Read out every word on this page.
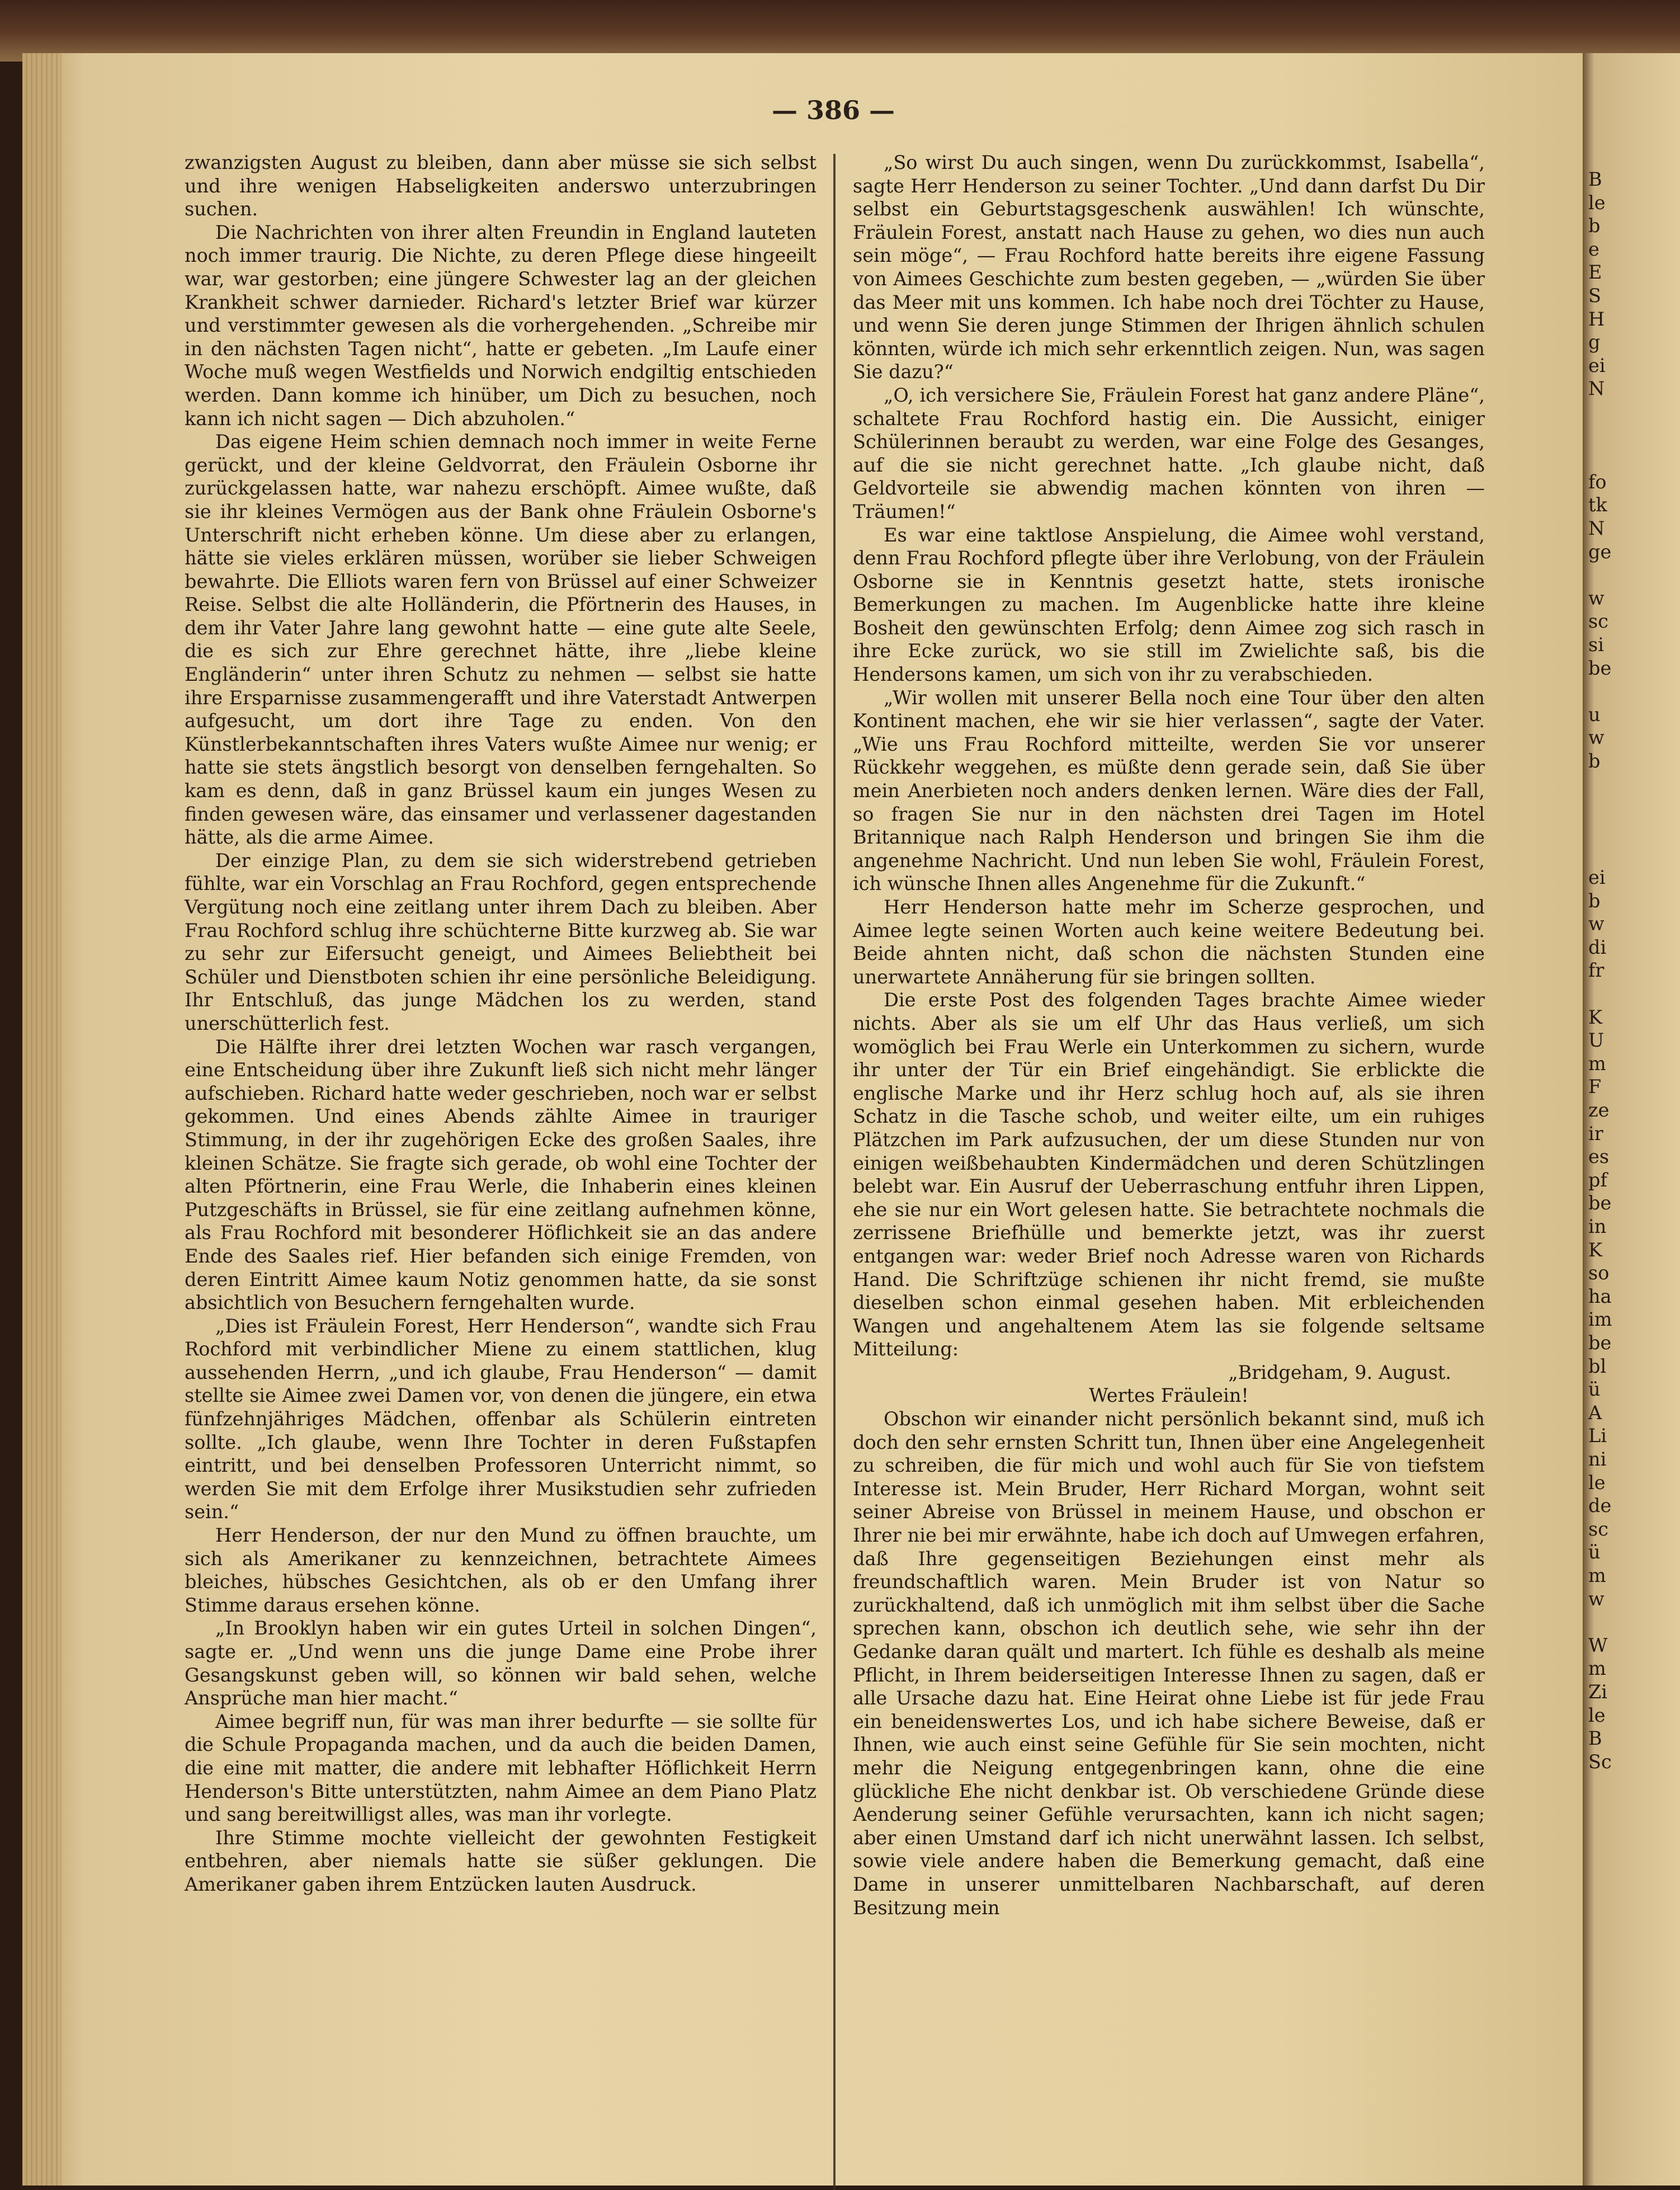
— 386 —

zwanzigsten August zu bleiben, dann aber müsse sie sich selbst und ihre wenigen Habseligkeiten anderswo unterzubringen suchen.

Die Nachrichten von ihrer alten Freundin in England lauteten noch immer traurig. Die Nichte, zu deren Pflege diese hingeeilt war, war gestorben; eine jüngere Schwester lag an der gleichen Krankheit schwer darnieder. Richard's letzter Brief war kürzer und verstimmter gewesen als die vorhergehenden. „Schreibe mir in den nächsten Tagen nicht“, hatte er gebeten. „Im Laufe einer Woche muß wegen Westfields und Norwich endgiltig entschieden werden. Dann komme ich hinüber, um Dich zu besuchen, noch kann ich nicht sagen — Dich abzuholen.“

Das eigene Heim schien demnach noch immer in weite Ferne gerückt, und der kleine Geldvorrat, den Fräulein Osborne ihr zurückgelassen hatte, war nahezu erschöpft. Aimee wußte, daß sie ihr kleines Vermögen aus der Bank ohne Fräulein Osborne's Unterschrift nicht erheben könne. Um diese aber zu erlangen, hätte sie vieles erklären müssen, worüber sie lieber Schweigen bewahrte. Die Elliots waren fern von Brüssel auf einer Schweizer Reise. Selbst die alte Holländerin, die Pförtnerin des Hauses, in dem ihr Vater Jahre lang gewohnt hatte — eine gute alte Seele, die es sich zur Ehre gerechnet hätte, ihre „liebe kleine Engländerin“ unter ihren Schutz zu nehmen — selbst sie hatte ihre Ersparnisse zusammengerafft und ihre Vaterstadt Antwerpen aufgesucht, um dort ihre Tage zu enden. Von den Künstlerbekanntschaften ihres Vaters wußte Aimee nur wenig; er hatte sie stets ängstlich besorgt von denselben ferngehalten. So kam es denn, daß in ganz Brüssel kaum ein junges Wesen zu finden gewesen wäre, das einsamer und verlassener dagestanden hätte, als die arme Aimee.

Der einzige Plan, zu dem sie sich widerstrebend getrieben fühlte, war ein Vorschlag an Frau Rochford, gegen entsprechende Vergütung noch eine zeitlang unter ihrem Dach zu bleiben. Aber Frau Rochford schlug ihre schüchterne Bitte kurzweg ab. Sie war zu sehr zur Eifersucht geneigt, und Aimees Beliebtheit bei Schüler und Dienstboten schien ihr eine persönliche Beleidigung. Ihr Entschluß, das junge Mädchen los zu werden, stand unerschütterlich fest.

Die Hälfte ihrer drei letzten Wochen war rasch vergangen, eine Entscheidung über ihre Zukunft ließ sich nicht mehr länger aufschieben. Richard hatte weder geschrieben, noch war er selbst gekommen. Und eines Abends zählte Aimee in trauriger Stimmung, in der ihr zugehörigen Ecke des großen Saales, ihre kleinen Schätze. Sie fragte sich gerade, ob wohl eine Tochter der alten Pförtnerin, eine Frau Werle, die Inhaberin eines kleinen Putzgeschäfts in Brüssel, sie für eine zeitlang aufnehmen könne, als Frau Rochford mit besonderer Höflichkeit sie an das andere Ende des Saales rief. Hier befanden sich einige Fremden, von deren Eintritt Aimee kaum Notiz genommen hatte, da sie sonst absichtlich von Besuchern ferngehalten wurde.

„Dies ist Fräulein Forest, Herr Henderson“, wandte sich Frau Rochford mit verbindlicher Miene zu einem stattlichen, klug aussehenden Herrn, „und ich glaube, Frau Henderson“ — damit stellte sie Aimee zwei Damen vor, von denen die jüngere, ein etwa fünfzehnjähriges Mädchen, offenbar als Schülerin eintreten sollte. „Ich glaube, wenn Ihre Tochter in deren Fußstapfen eintritt, und bei denselben Professoren Unterricht nimmt, so werden Sie mit dem Erfolge ihrer Musikstudien sehr zufrieden sein.“

Herr Henderson, der nur den Mund zu öffnen brauchte, um sich als Amerikaner zu kennzeichnen, betrachtete Aimees bleiches, hübsches Gesichtchen, als ob er den Umfang ihrer Stimme daraus ersehen könne.

„In Brooklyn haben wir ein gutes Urteil in solchen Dingen“, sagte er. „Und wenn uns die junge Dame eine Probe ihrer Gesangskunst geben will, so können wir bald sehen, welche Ansprüche man hier macht.“

Aimee begriff nun, für was man ihrer bedurfte — sie sollte für die Schule Propaganda machen, und da auch die beiden Damen, die eine mit matter, die andere mit lebhafter Höflichkeit Herrn Henderson's Bitte unterstützten, nahm Aimee an dem Piano Platz und sang bereitwilligst alles, was man ihr vorlegte.

Ihre Stimme mochte vielleicht der gewohnten Festigkeit entbehren, aber niemals hatte sie süßer geklungen. Die Amerikaner gaben ihrem Entzücken lauten Ausdruck.

„So wirst Du auch singen, wenn Du zurückkommst, Isabella“, sagte Herr Henderson zu seiner Tochter. „Und dann darfst Du Dir selbst ein Geburtstagsgeschenk auswählen! Ich wünschte, Fräulein Forest, anstatt nach Hause zu gehen, wo dies nun auch sein möge“, — Frau Rochford hatte bereits ihre eigene Fassung von Aimees Geschichte zum besten gegeben, — „würden Sie über das Meer mit uns kommen. Ich habe noch drei Töchter zu Hause, und wenn Sie deren junge Stimmen der Ihrigen ähnlich schulen könnten, würde ich mich sehr erkenntlich zeigen. Nun, was sagen Sie dazu?“

„O, ich versichere Sie, Fräulein Forest hat ganz andere Pläne“, schaltete Frau Rochford hastig ein. Die Aussicht, einiger Schülerinnen beraubt zu werden, war eine Folge des Gesanges, auf die sie nicht gerechnet hatte. „Ich glaube nicht, daß Geldvorteile sie abwendig machen könnten von ihren — Träumen!“

Es war eine taktlose Anspielung, die Aimee wohl verstand, denn Frau Rochford pflegte über ihre Verlobung, von der Fräulein Osborne sie in Kenntnis gesetzt hatte, stets ironische Bemerkungen zu machen. Im Augenblicke hatte ihre kleine Bosheit den gewünschten Erfolg; denn Aimee zog sich rasch in ihre Ecke zurück, wo sie still im Zwielichte saß, bis die Hendersons kamen, um sich von ihr zu verabschieden.

„Wir wollen mit unserer Bella noch eine Tour über den alten Kontinent machen, ehe wir sie hier verlassen“, sagte der Vater. „Wie uns Frau Rochford mitteilte, werden Sie vor unserer Rückkehr weggehen, es müßte denn gerade sein, daß Sie über mein Anerbieten noch anders denken lernen. Wäre dies der Fall, so fragen Sie nur in den nächsten drei Tagen im Hotel Britannique nach Ralph Henderson und bringen Sie ihm die angenehme Nachricht. Und nun leben Sie wohl, Fräulein Forest, ich wünsche Ihnen alles Angenehme für die Zukunft.“

Herr Henderson hatte mehr im Scherze gesprochen, und Aimee legte seinen Worten auch keine weitere Bedeutung bei. Beide ahnten nicht, daß schon die nächsten Stunden eine unerwartete Annäherung für sie bringen sollten.

Die erste Post des folgenden Tages brachte Aimee wieder nichts. Aber als sie um elf Uhr das Haus verließ, um sich womöglich bei Frau Werle ein Unterkommen zu sichern, wurde ihr unter der Tür ein Brief eingehändigt. Sie erblickte die englische Marke und ihr Herz schlug hoch auf, als sie ihren Schatz in die Tasche schob, und weiter eilte, um ein ruhiges Plätzchen im Park aufzusuchen, der um diese Stunden nur von einigen weißbehaubten Kindermädchen und deren Schützlingen belebt war. Ein Ausruf der Ueberraschung entfuhr ihren Lippen, ehe sie nur ein Wort gelesen hatte. Sie betrachtete nochmals die zerrissene Briefhülle und bemerkte jetzt, was ihr zuerst entgangen war: weder Brief noch Adresse waren von Richards Hand. Die Schriftzüge schienen ihr nicht fremd, sie mußte dieselben schon einmal gesehen haben. Mit erbleichenden Wangen und angehaltenem Atem las sie folgende seltsame Mitteilung:

„Bridgeham, 9. August.

Wertes Fräulein!

Obschon wir einander nicht persönlich bekannt sind, muß ich doch den sehr ernsten Schritt tun, Ihnen über eine Angelegenheit zu schreiben, die für mich und wohl auch für Sie von tiefstem Interesse ist. Mein Bruder, Herr Richard Morgan, wohnt seit seiner Abreise von Brüssel in meinem Hause, und obschon er Ihrer nie bei mir erwähnte, habe ich doch auf Umwegen erfahren, daß Ihre gegenseitigen Beziehungen einst mehr als freundschaftlich waren. Mein Bruder ist von Natur so zurückhaltend, daß ich unmöglich mit ihm selbst über die Sache sprechen kann, obschon ich deutlich sehe, wie sehr ihn der Gedanke daran quält und martert. Ich fühle es deshalb als meine Pflicht, in Ihrem beiderseitigen Interesse Ihnen zu sagen, daß er alle Ursache dazu hat. Eine Heirat ohne Liebe ist für jede Frau ein beneidenswertes Los, und ich habe sichere Beweise, daß er Ihnen, wie auch einst seine Gefühle für Sie sein mochten, nicht mehr die Neigung entgegenbringen kann, ohne die eine glückliche Ehe nicht denkbar ist. Ob verschiedene Gründe diese Aenderung seiner Gefühle verursachten, kann ich nicht sagen; aber einen Umstand darf ich nicht unerwähnt lassen. Ich selbst, sowie viele andere haben die Bemerkung gemacht, daß eine Dame in unserer unmittelbaren Nachbarschaft, auf deren Besitzung mein

B
le
b
e
E
S
H
g
ei
N
fo
tk
N
ge
w
sc
si
be
u
w
b
ei
b
w
di
fr
K
U
m
F
ze
ir
es
pf
be
in
K
so
ha
im
be
bl
ü
A
Li
ni
le
de
sc
ü
m
w
W
m
Zi
le
B
Sc
